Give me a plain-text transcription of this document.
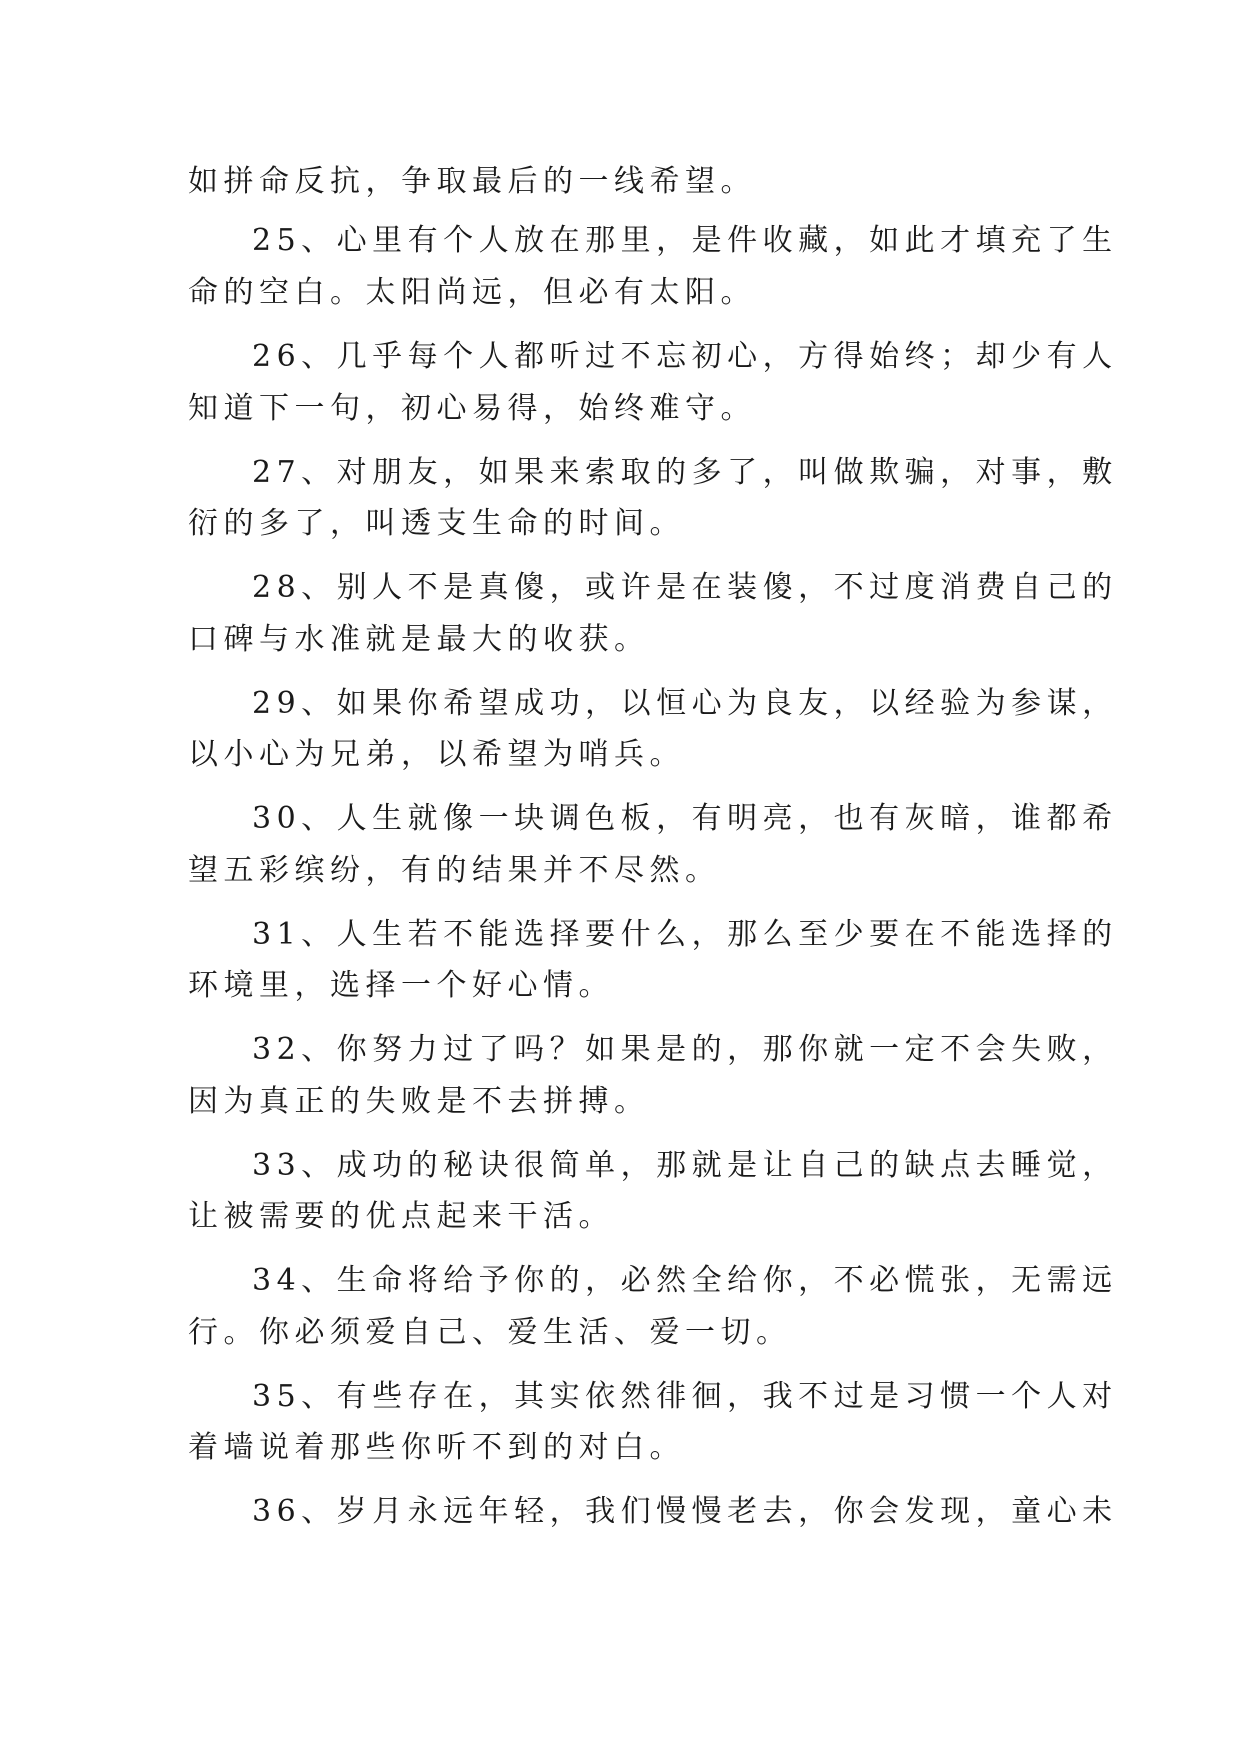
如拼命反抗，争取最后的一线希望。
25、心里有个人放在那里，是件收藏，如此才填充了生
命的空白。太阳尚远，但必有太阳。
26、几乎每个人都听过不忘初心，方得始终；却少有人
知道下一句，初心易得，始终难守。
27、对朋友，如果来索取的多了，叫做欺骗，对事，敷
衍的多了，叫透支生命的时间。
28、别人不是真傻，或许是在装傻，不过度消费自己的
口碑与水准就是最大的收获。
29、如果你希望成功，以恒心为良友，以经验为参谋，
以小心为兄弟，以希望为哨兵。
30、人生就像一块调色板，有明亮，也有灰暗，谁都希
望五彩缤纷，有的结果并不尽然。
31、人生若不能选择要什么，那么至少要在不能选择的
环境里，选择一个好心情。
32、你努力过了吗？如果是的，那你就一定不会失败，
因为真正的失败是不去拼搏。
33、成功的秘诀很简单，那就是让自己的缺点去睡觉，
让被需要的优点起来干活。
34、生命将给予你的，必然全给你，不必慌张，无需远
行。你必须爱自己、爱生活、爱一切。
35、有些存在，其实依然徘徊，我不过是习惯一个人对
着墙说着那些你听不到的对白。
36、岁月永远年轻，我们慢慢老去，你会发现，童心未
